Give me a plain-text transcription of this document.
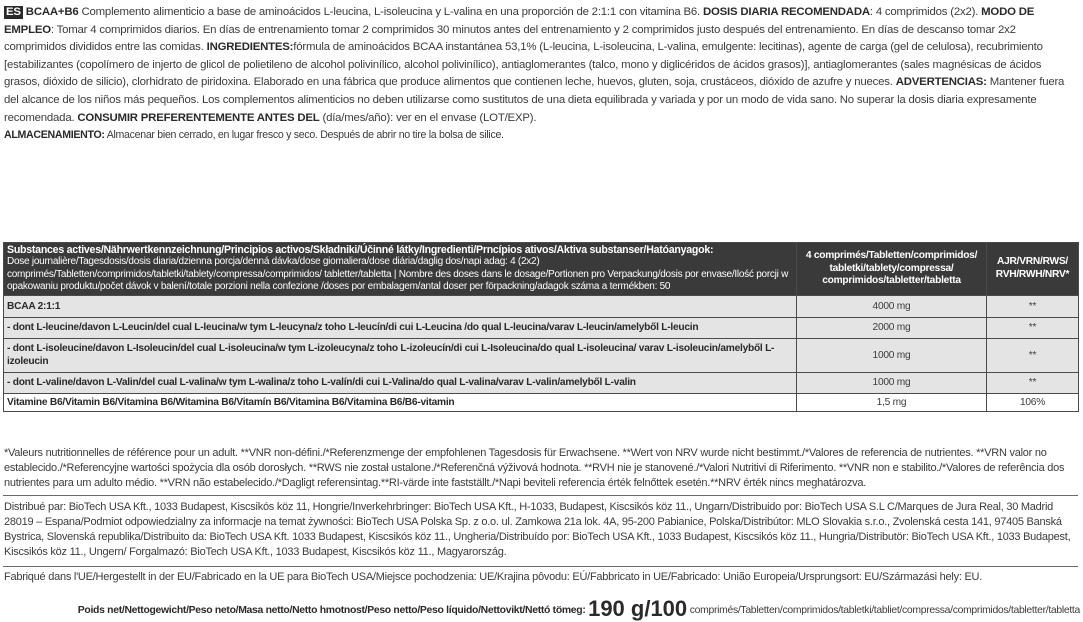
ES BCAA+B6 Complemento alimenticio a base de aminoácidos L-leucina, L-isoleucina y L-valina en una proporción de 2:1:1 con vitamina B6. DOSIS DIARIA RECOMENDADA: 4 comprimidos (2x2). MODO DE EMPLEO: Tomar 4 comprimidos diarios. En días de entrenamiento tomar 2 comprimidos 30 minutos antes del entrenamiento y 2 comprimidos justo después del entrenamiento. En días de descanso tomar 2x2 comprimidos divididos entre las comidas. INGREDIENTES:fórmula de aminoácidos BCAA instantánea 53,1% (L-leucina, L-isoleucina, L-valina, emulgente: lecitinas), agente de carga (gel de celulosa), recubrimiento [estabilizantes (copolímero de injerto de glicol de polietileno de alcohol polivinílico, alcohol polivinílico), antiaglomerantes (talco, mono y diglicéridos de ácidos grasos)], antiaglomerantes (sales magnésicas de ácidos grasos, dióxido de silicio), clorhidrato de piridoxina. Elaborado en una fábrica que produce alimentos que contienen leche, huevos, gluten, soja, crustáceos, dióxido de azufre y nueces. ADVERTENCIAS: Mantener fuera del alcance de los niños más pequeños. Los complementos alimenticios no deben utilizarse como sustitutos de una dieta equilibrada y variada y por un modo de vida sano. No superar la dosis diaria expresamente recomendada. CONSUMIR PREFERENTEMENTE ANTES DEL (día/mes/año): ver en el envase (LOT/EXP).
ALMACENAMIENTO: Almacenar bien cerrado, en lugar fresco y seco. Después de abrir no tire la bolsa de silice.
Substances actives/Nährwertkennzeichnung/Principios activos/Składniki/Účinné látky/Ingredienti/Prncípios ativos/Aktiva substanser/Hatóanyagok:
Dose journalière/Tagesdosis/dosis diaria/dzienna porcja/denná dávka/dose giomaliera/dose diária/daglig dos/napi adag: 4 (2x2) comprimés/Tabletten/comprimidos/tabletki/tablety/compressa/comprimidos/ tabletter/tabletta | Nombre des doses dans le dosage/Portionen pro Verpackung/dosis por envase/Ilość porcji w opakowaniu produktu/počet dávok v balení/totale porzioni nella confezione /doses por embalagem/antal doser per förpackning/adagok száma a termékben: 50	4 comprimés/Tabletten/comprimidos/ tabletki/tablety/compressa/ comprimidos/tabletter/tabletta	AJR/VRN/RWS/ RVH/RWH/NRV*
BCAA 2:1:1	4000 mg	**
- dont L-leucine/davon L-Leucin/del cual L-leucina/w tym L-leucyna/z toho L-leucín/di cui L-Leucina /do qual L-leucina/varav L-leucin/amelyből L-leucin	2000 mg	**
- dont L-isoleucine/davon L-Isoleucin/del cual L-isoleucina/w tym L-izoleucyna/z toho L-izoleucín/di cui L-Isoleucina/do qual L-isoleucina/ varav L-isoleucin/amelyből L-izoleucin	1000 mg	**
- dont L-valine/davon L-Valin/del cual L-valina/w tym L-walina/z toho L-valín/di cui L-Valina/do qual L-valina/varav L-valin/amelyből L-valin	1000 mg	**
Vitamine B6/Vitamin B6/Vitamina B6/Witamina B6/Vitamín B6/Vitamina B6/Vitamina B6/B6-vitamin	1,5 mg	106%
*Valeurs nutritionnelles de référence pour un adult. **VNR non-défini./*Referenzmenge der empfohlenen Tagesdosis für Erwachsene. **Wert von NRV wurde nicht bestimmt./*Valores de referencia de nutrientes. **VRN valor no establecido./*Referencyjne wartości spożycia dla osób dorosłych. **RWS nie został ustalone./*Referenčná výživová hodnota. **RVH nie je stanovené./*Valori Nutritivi di Riferimento. **VNR non e stabilito./*Valores de referência dos nutrientes para um adulto médio. **VRN não estabelecido./*Dagligt referensintag.**RI-värde inte fastställt./*Napi beviteli referencia érték felnőttek esetén.**NRV érték nincs meghatározva.
Distribué par: BioTech USA Kft., 1033 Budapest, Kiscsikós köz 11, Hongrie/Inverkehrbringer: BioTech USA Kft., H-1033, Budapest, Kiscsikós köz 11., Ungarn/Distribuido por: BioTech USA S.L C/Marques de Jura Real, 30 Madrid 28019 – Espana/Podmiot odpowiedzialny za informacje na temat żywności: BioTech USA Polska Sp. z o.o. ul. Zamkowa 21a lok. 4A, 95-200 Pabianice, Polska/Distribútor: MLO Slovakia s.r.o., Zvolenská cesta 141, 97405 Banská Bystrica, Slovenská republika/Distribuito da: BioTech USA Kft. 1033 Budapest, Kiscsikós köz 11., Ungheria/Distribuído por: BioTech USA Kft., 1033 Budapest, Kiscsikós köz 11., Hungria/Distributör: BioTech USA Kft., 1033 Budapest, Kiscsikós köz 11., Ungern/ Forgalmazó: BioTech USA Kft., 1033 Budapest, Kiscsikós köz 11., Magyarország.
Fabriqué dans l'UE/Hergestellt in der EU/Fabricado en la UE para BioTech USA/Miejsce pochodzenia: UE/Krajina pôvodu: EÚ/Fabbricato in UE/Fabricado: União Europeia/Ursprungsort: EU/Származási hely: EU.
Poids net/Nettogewicht/Peso neto/Masa netto/Netto hmotnost/Peso netto/Peso líquido/Nettovikt/Nettó tömeg: 190 g/100 comprimés/Tabletten/comprimidos/tabletki/tabliet/compressa/comprimidos/tabletter/tabletta
